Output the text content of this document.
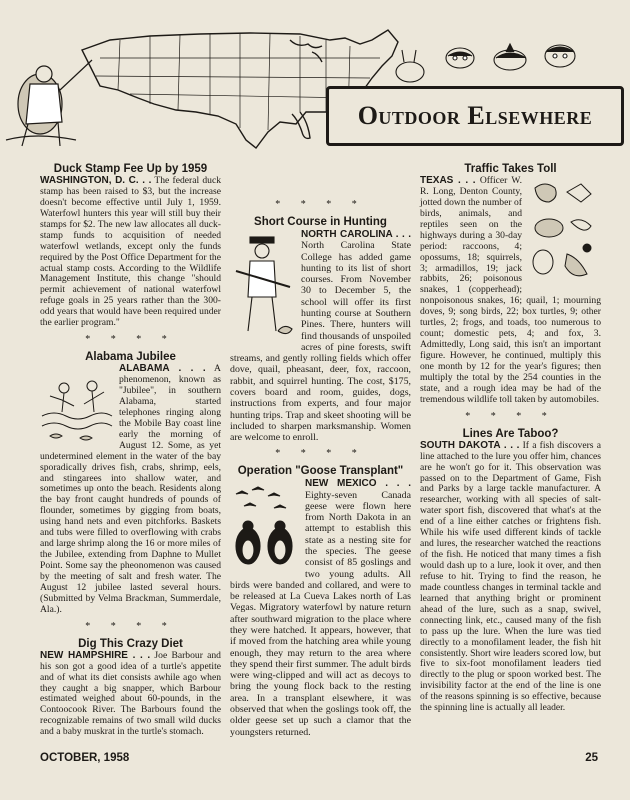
Outdoor Elsewhere
Duck Stamp Fee Up by 1959

WASHINGTON, D. C. . . The federal duck stamp has been raised to $3, but the increase doesn't become effective until July 1, 1959. Waterfowl hunters this year will still buy their stamps for $2. The new law allocates all duck-stamp funds to acquisition of needed waterfowl wetlands, except only the funds required by the Post Office Department for the actual stamp costs. According to the Wildlife Management Institute, this change "should permit achievement of national waterfowl refuge goals in 25 years rather than the 300-odd years that would have been required under the earlier program."

* * * *
Alabama Jubilee

ALABAMA . . . A phenomenon, known as "Jubilee", in southern Alabama, started telephones ringing along the Mobile Bay coast line early the morning of August 12. Some, as yet undetermined element in the water of the bay sporadically drives fish, crabs, shrimp, eels, and stingarees into shallow water, and sometimes up onto the beach. Residents along the bay front caught hundreds of pounds of flounder, sometimes by gigging from boats, using hand nets and even pitchforks. Baskets and tubs were filled to overflowing with crabs and large shrimp along the 16 or more miles of the Jubilee, extending from Daphne to Mullet Point. Some say the pheonomenon was caused by the meeting of salt and fresh water. The August 12 jubilee lasted several hours. (Submitted by Velma Brackman, Summerdale, Ala.).

* * * *
Dig This Crazy Diet

NEW HAMPSHIRE . . . Joe Barbour and his son got a good idea of a turtle's appetite and of what its diet consists awhile ago when they caught a big snapper, which Barbour estimated weighed about 60-pounds, in the Contoocook River. The Barbours found the recognizable remains of two small wild ducks and a baby muskrat in the turtle's stomach.

* * * *
Short Course in Hunting

NORTH CAROLINA . . . North Carolina State College has added game hunting to its list of short courses. From November 30 to December 5, the school will offer its first hunting course at Southern Pines. There, hunters will find thousands of unspoiled acres of pine forests, swift streams, and gently rolling fields which offer dove, quail, pheasant, deer, fox, raccoon, rabbit, and squirrel hunting. The cost, $175, covers board and room, guides, dogs, instructions from experts, and four major hunting trips. Trap and skeet shooting will be included to sharpen marksmanship. Women are welcome to enroll.

* * * *
Operation "Goose Transplant"

NEW MEXICO . . . Eighty-seven Canada geese were flown here from North Dakota in an attempt to establish this state as a nesting site for the species. The geese consist of 85 goslings and two young adults. All birds were banded and collared, and were to be released at La Cueva Lakes north of Las Vegas. Migratory waterfowl by nature return after southward migration to the place where they were hatched. It appears, however, that if moved from the hatching area while young enough, they may return to the area where they spend their first summer. The adult birds were wing-clipped and will act as decoys to bring the young flock back to the resting area. In a transplant elsewhere, it was observed that when the goslings took off, the older geese set up such a clamor that the youngsters returned.

Traffic Takes Toll

TEXAS . . . Officer W. R. Long, Denton County, jotted down the number of birds, animals, and reptiles seen on the highways during a 30-day period: raccoons, 4; opossums, 18; squirrels, 3; armadillos, 19; jack rabbits, 26; poisonous snakes, 1 (copperhead); nonpoisonous snakes, 16; quail, 1; mourning doves, 9; song birds, 22; box turtles, 9; other turtles, 2; frogs, and toads, too numerous to count; domestic pets, 4; and fox, 3. Admittedly, Long said, this isn't an important figure. However, he continued, multiply this one month by 12 for the year's figures; then multiply the total by the 254 counties in the state, and a rough idea may be had of the tremendous wildlife toll taken by automobiles.

* * * *
Lines Are Taboo?

SOUTH DAKOTA . . . If a fish discovers a line attached to the lure you offer him, chances are he won't go for it. This observation was passed on to the Department of Game, Fish and Parks by a large tackle manufacturer. A researcher, working with all species of salt-water sport fish, discovered that what's at the end of a line either catches or frightens fish. While his wife used different kinds of tackle and lures, the researcher watched the reactions of the fish. He noticed that many times a fish would dash up to a lure, look it over, and then refuse to hit. Trying to find the reason, he made countless changes in terminal tackle and learned that anything bright or prominent ahead of the lure, such as a snap, swivel, connecting link, etc., caused many of the fish to pass up the lure. When the lure was tied directly to a monofilament leader, the fish hit consistently. Short wire leaders scored low, but five to six-foot monofilament leaders tied directly to the plug or spoon worked best. The invisibility factor at the end of the line is one of the reasons spinning is so effective, because the spinning line is actually all leader.

OCTOBER, 1958	25
